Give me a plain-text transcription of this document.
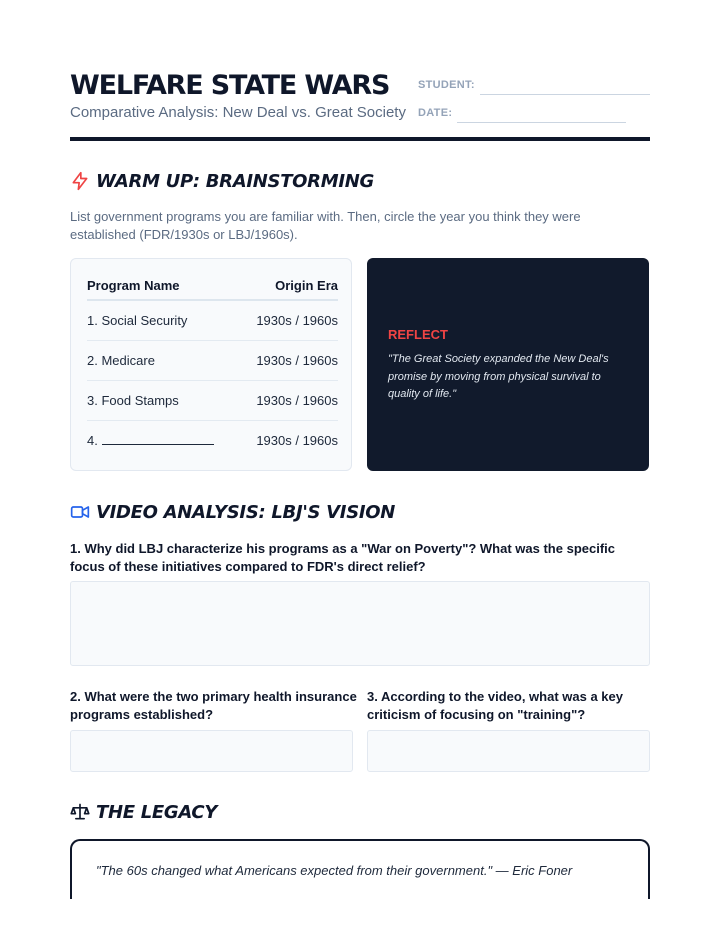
WELFARE STATE WARS
Comparative Analysis: New Deal vs. Great Society
STUDENT:
DATE:
WARM UP: BRAINSTORMING
List government programs you are familiar with. Then, circle the year you think they were established (FDR/1930s or LBJ/1960s).
Program Name	Origin Era
1. Social Security	1930s / 1960s
2. Medicare	1930s / 1960s
3. Food Stamps	1930s / 1960s
4.	1930s / 1960s
REFLECT
"The Great Society expanded the New Deal's promise by moving from physical survival to quality of life."
VIDEO ANALYSIS: LBJ'S VISION
1. Why did LBJ characterize his programs as a "War on Poverty"? What was the specific focus of these initiatives compared to FDR's direct relief?
2. What were the two primary health insurance programs established?
3. According to the video, what was a key criticism of focusing on "training"?
THE LEGACY
"The 60s changed what Americans expected from their government." — Eric Foner
